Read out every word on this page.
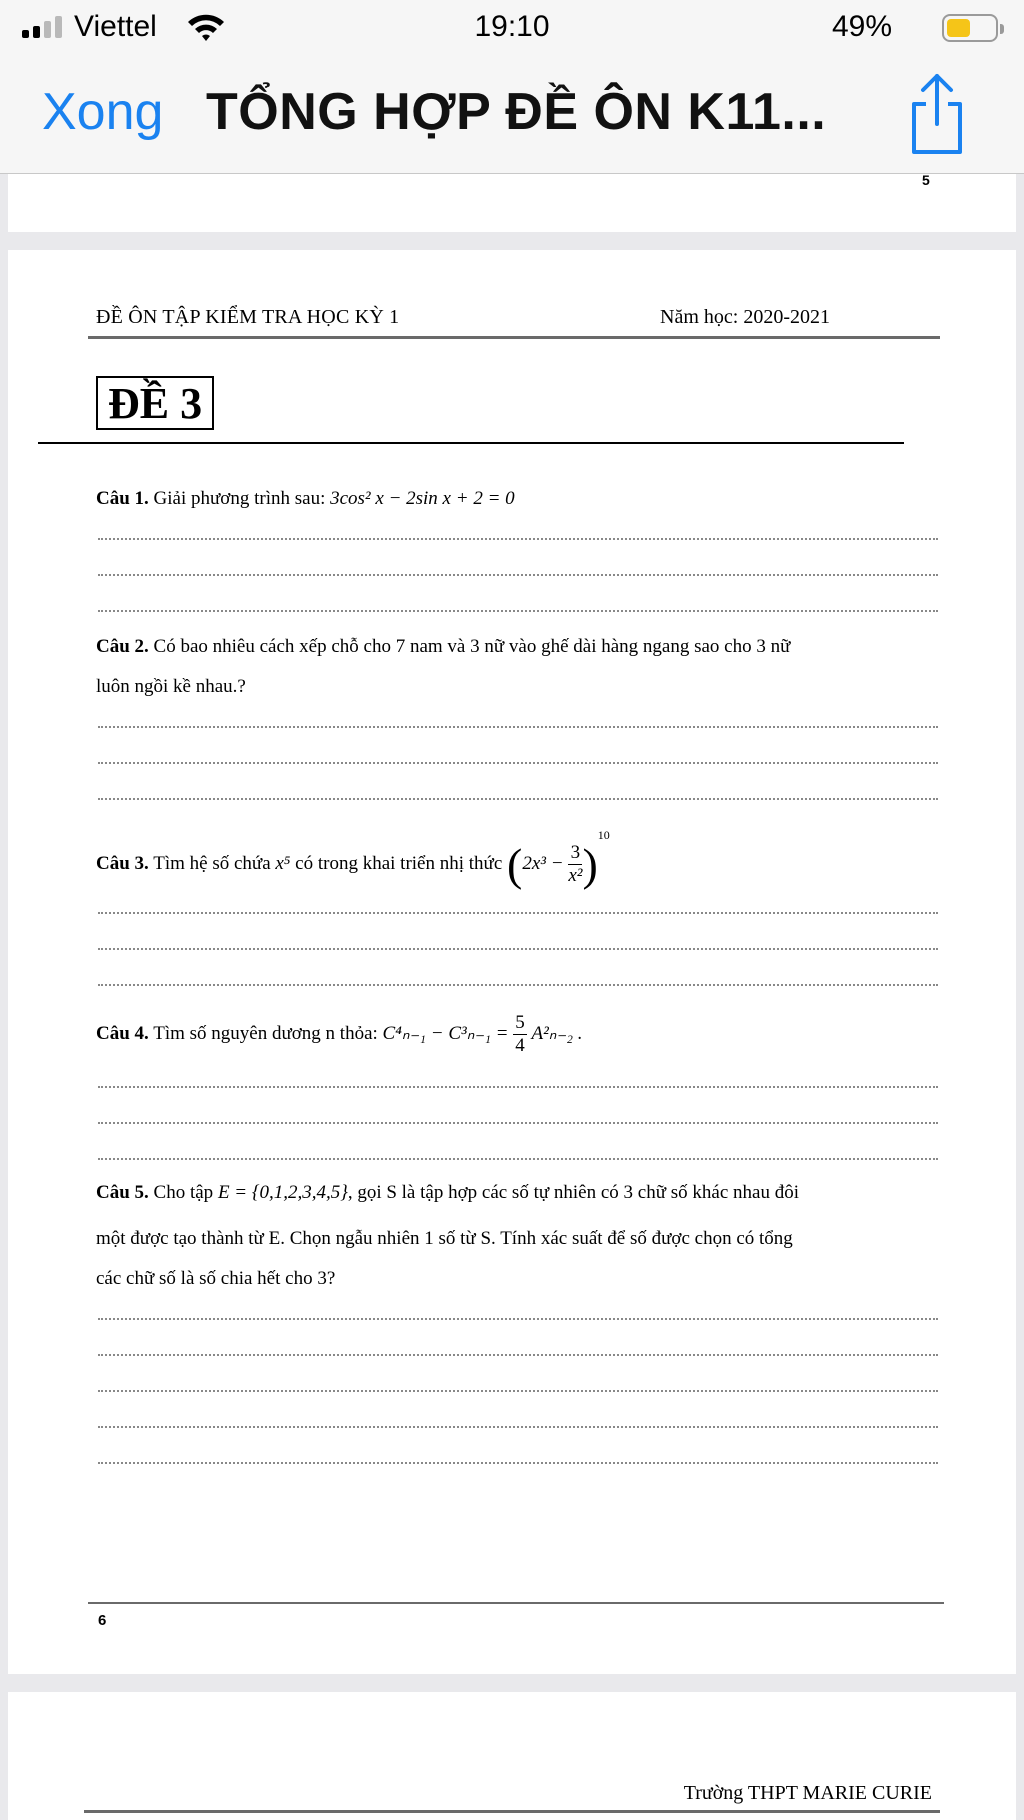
Viettel	19:10	49%
Xong TỔNG HỢP ĐỀ ÔN K11...
5
ĐỀ ÔN TẬP KIỂM TRA HỌC KỲ 1	Năm học: 2020-2021
ĐỀ 3
Câu 1. Giải phương trình sau: 3cos² x − 2sin x + 2 = 0
Câu 2. Có bao nhiêu cách xếp chỗ cho 7 nam và 3 nữ vào ghế dài hàng ngang sao cho 3 nữ
luôn ngồi kề nhau.?
Câu 3. Tìm hệ số chứa x⁵ có trong khai triển nhị thức $(2x^3 - \frac{3}{\text{x²}} )^{10}$
Câu 4. Tìm số nguyên dương n thỏa: $C^4_{n-1} - C^3_{n-1} = \frac{5}{4} A^2_{n-2}$ .
Câu 5. Cho tập E = {0,1,2,3,4,5}, gọi S là tập hợp các số tự nhiên có 3 chữ số khác nhau đôi
một được tạo thành từ E. Chọn ngẫu nhiên 1 số từ S. Tính xác suất để số được chọn có tổng
các chữ số là số chia hết cho 3?
6
Trường THPT MARIE CURIE
